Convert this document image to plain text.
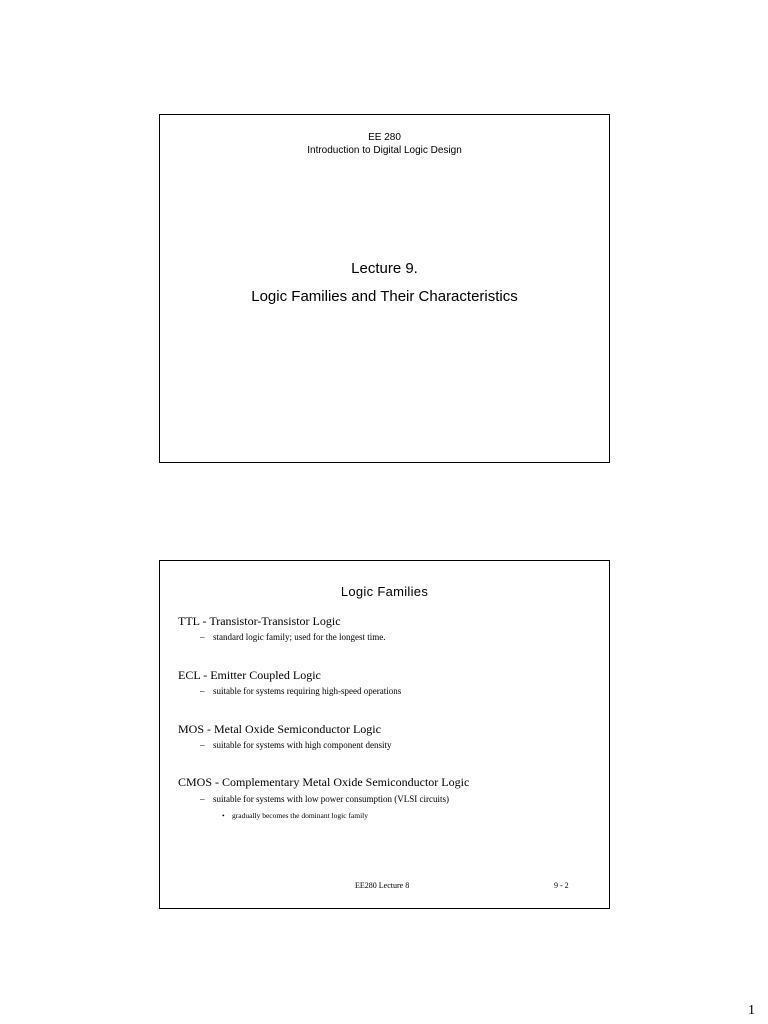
EE 280
Introduction to Digital Logic Design
Lecture 9.
Logic Families and Their Characteristics
Logic Families
TTL - Transistor-Transistor Logic
– standard logic family; used for the longest time.
ECL - Emitter Coupled Logic
– suitable for systems requiring high-speed operations
MOS - Metal Oxide Semiconductor Logic
– suitable for systems with high component density
CMOS - Complementary Metal Oxide Semiconductor Logic
– suitable for systems with low power consumption (VLSI circuits)
• gradually becomes the dominant logic family
EE280 Lecture 8	9 - 2
1
